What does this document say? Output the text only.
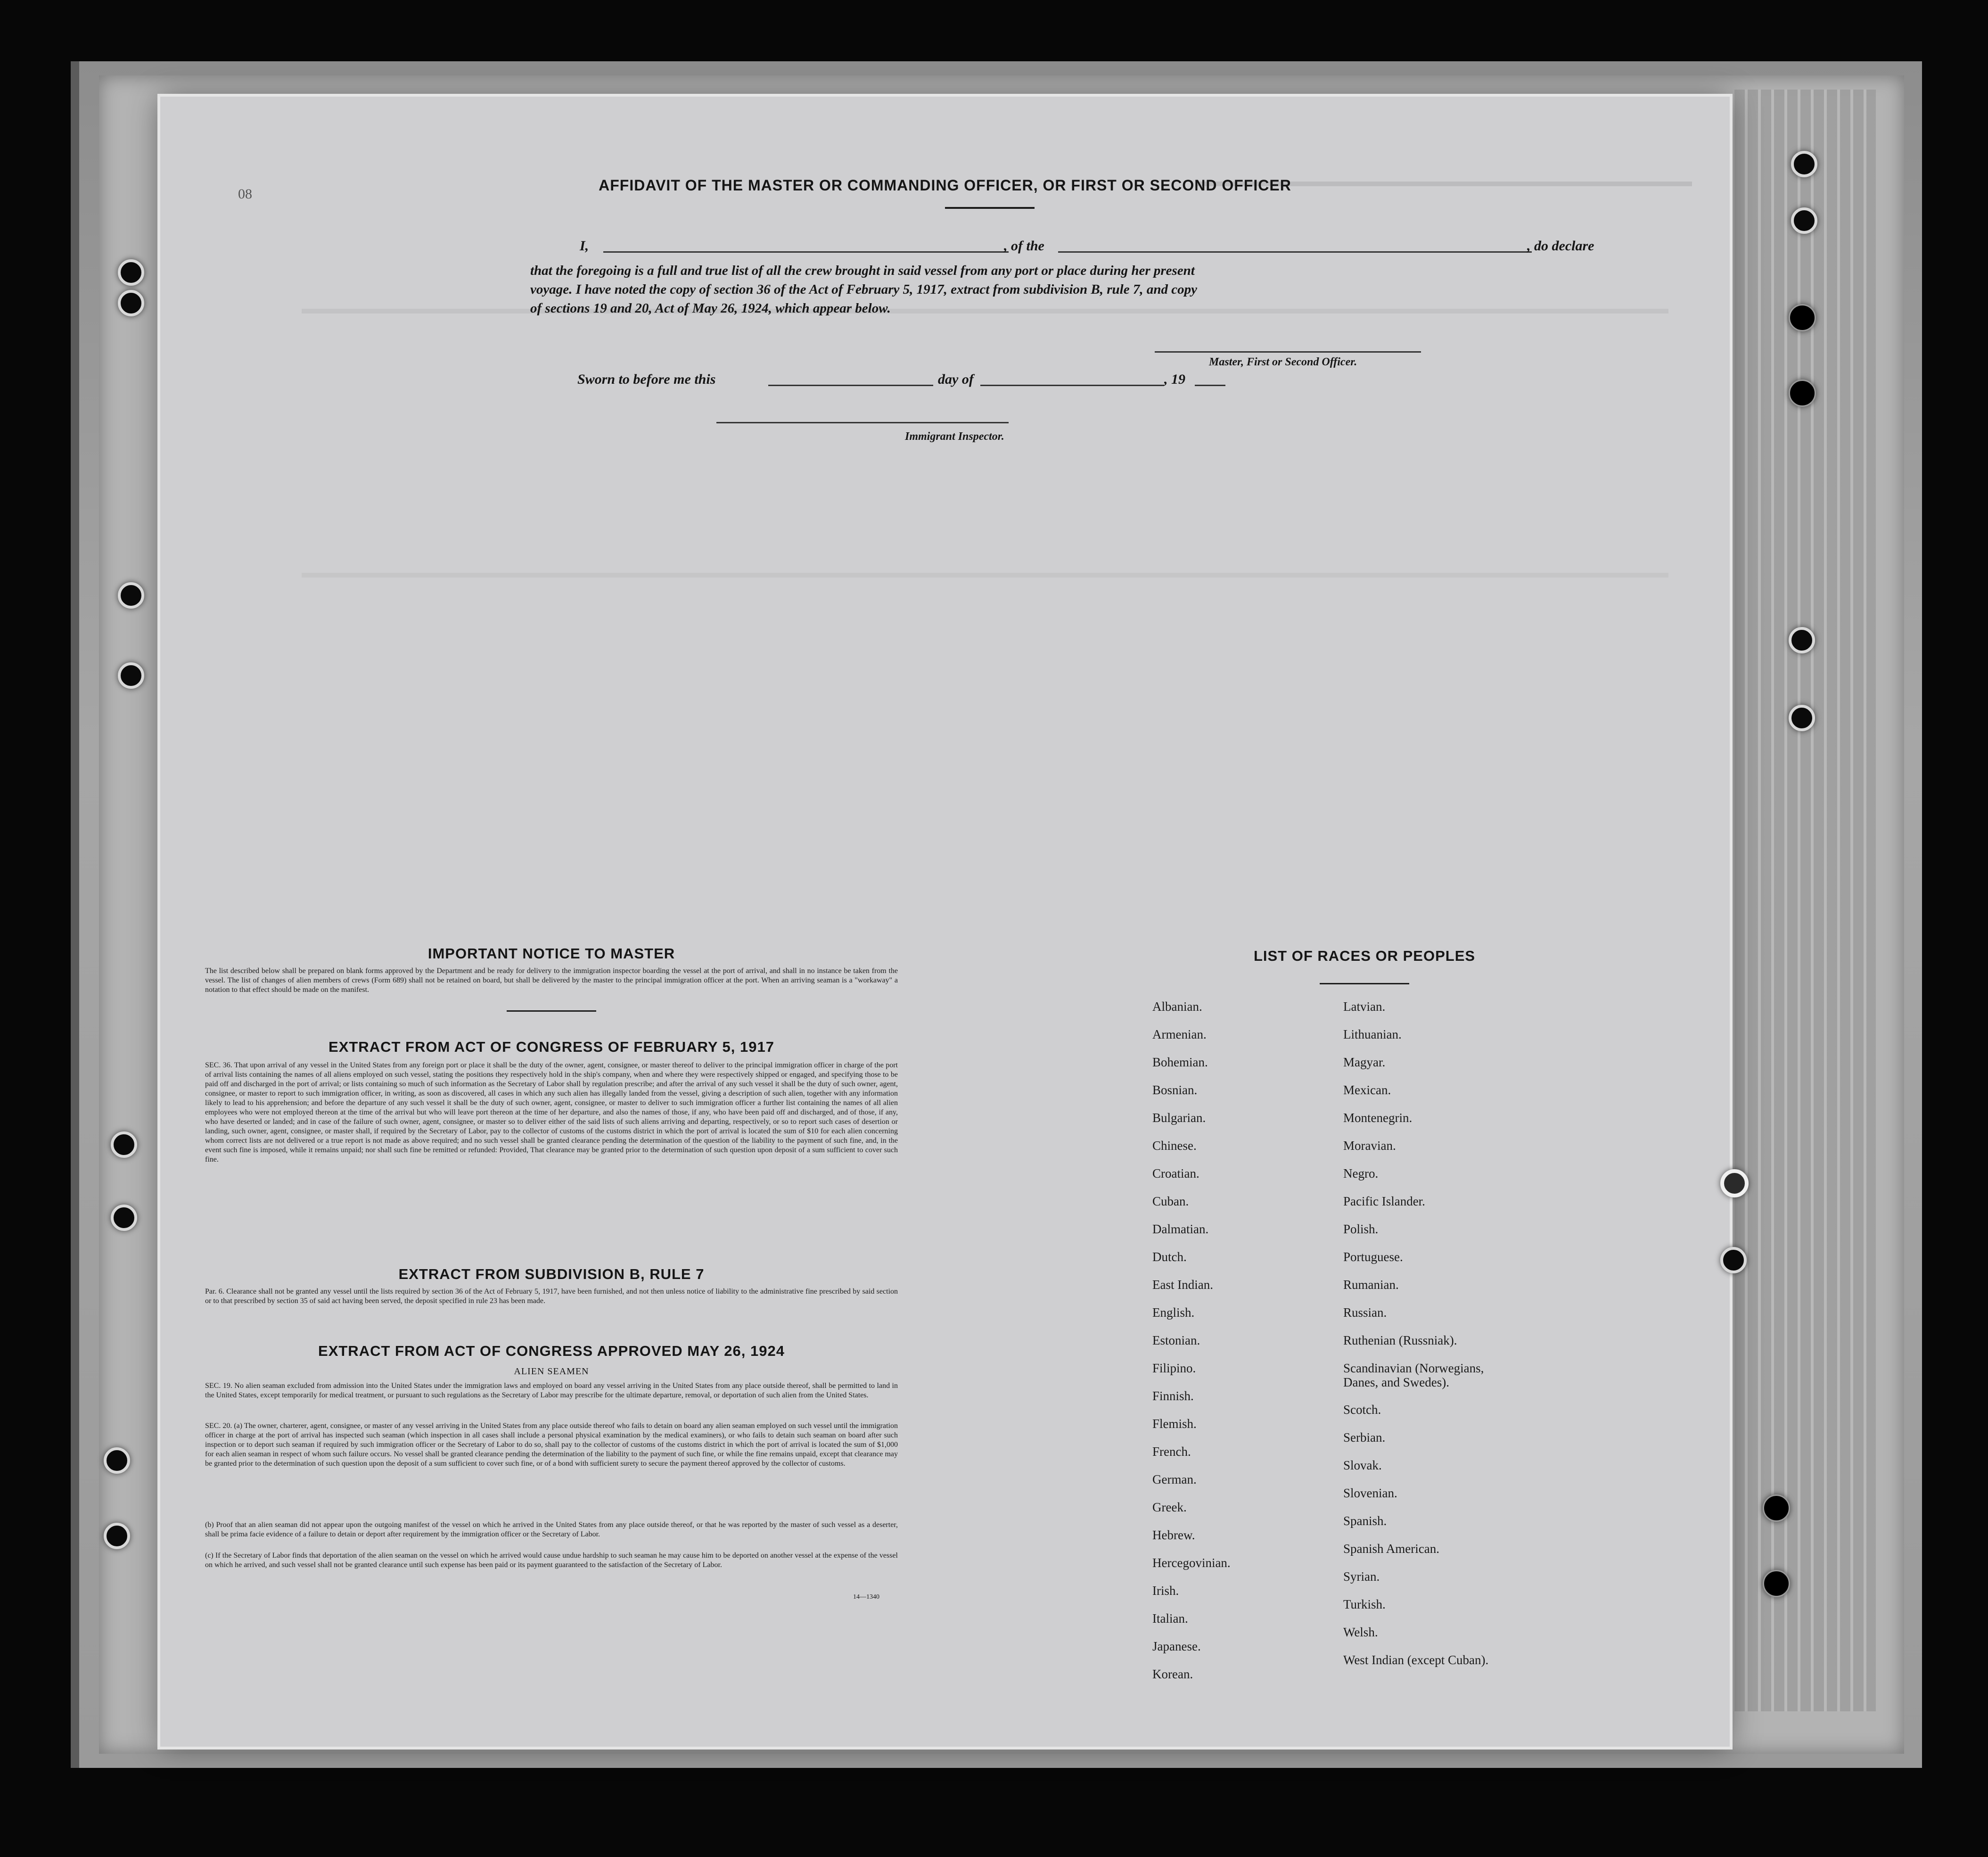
08
AFFIDAVIT OF THE MASTER OR COMMANDING OFFICER, OR FIRST OR SECOND OFFICER
I,	, of the	, do declare
that the foregoing is a full and true list of all the crew brought in said vessel from any port or place during her present
voyage. I have noted the copy of section 36 of the Act of February 5, 1917, extract from subdivision B, rule 7, and copy
of sections 19 and 20, Act of May 26, 1924, which appear below.
Master, First or Second Officer.
Sworn to before me this	day of	, 19
Immigrant Inspector.
IMPORTANT NOTICE TO MASTER
The list described below shall be prepared on blank forms approved by the Department and be ready for delivery to the immigration inspector boarding the vessel at the port of arrival, and shall in no instance be taken from the vessel. The list of changes of alien members of crews (Form 689) shall not be retained on board, but shall be delivered by the master to the principal immigration officer at the port. When an arriving seaman is a "workaway" a notation to that effect should be made on the manifest.
EXTRACT FROM ACT OF CONGRESS OF FEBRUARY 5, 1917
SEC. 36. That upon arrival of any vessel in the United States from any foreign port or place it shall be the duty of the owner, agent, consignee, or master thereof to deliver to the principal immigration officer in charge of the port of arrival lists containing the names of all aliens employed on such vessel, stating the positions they respectively hold in the ship's company, when and where they were respectively shipped or engaged, and specifying those to be paid off and discharged in the port of arrival; or lists containing so much of such information as the Secretary of Labor shall by regulation prescribe; and after the arrival of any such vessel it shall be the duty of such owner, agent, consignee, or master to report to such immigration officer, in writing, as soon as discovered, all cases in which any such alien has illegally landed from the vessel, giving a description of such alien, together with any information likely to lead to his apprehension; and before the departure of any such vessel it shall be the duty of such owner, agent, consignee, or master to deliver to such immigration officer a further list containing the names of all alien employees who were not employed thereon at the time of the arrival but who will leave port thereon at the time of her departure, and also the names of those, if any, who have been paid off and discharged, and of those, if any, who have deserted or landed; and in case of the failure of such owner, agent, consignee, or master so to deliver either of the said lists of such aliens arriving and departing, respectively, or so to report such cases of desertion or landing, such owner, agent, consignee, or master shall, if required by the Secretary of Labor, pay to the collector of customs of the customs district in which the port of arrival is located the sum of $10 for each alien concerning whom correct lists are not delivered or a true report is not made as above required; and no such vessel shall be granted clearance pending the determination of the question of the liability to the payment of such fine, and, in the event such fine is imposed, while it remains unpaid; nor shall such fine be remitted or refunded: Provided, That clearance may be granted prior to the determination of such question upon deposit of a sum sufficient to cover such fine.
EXTRACT FROM SUBDIVISION B, RULE 7
Par. 6. Clearance shall not be granted any vessel until the lists required by section 36 of the Act of February 5, 1917, have been furnished, and not then unless notice of liability to the administrative fine prescribed by said section or to that prescribed by section 35 of said act having been served, the deposit specified in rule 23 has been made.
EXTRACT FROM ACT OF CONGRESS APPROVED MAY 26, 1924
ALIEN SEAMEN
SEC. 19. No alien seaman excluded from admission into the United States under the immigration laws and employed on board any vessel arriving in the United States from any place outside thereof, shall be permitted to land in the United States, except temporarily for medical treatment, or pursuant to such regulations as the Secretary of Labor may prescribe for the ultimate departure, removal, or deportation of such alien from the United States.
SEC. 20. (a) The owner, charterer, agent, consignee, or master of any vessel arriving in the United States from any place outside thereof who fails to detain on board any alien seaman employed on such vessel until the immigration officer in charge at the port of arrival has inspected such seaman (which inspection in all cases shall include a personal physical examination by the medical examiners), or who fails to detain such seaman on board after such inspection or to deport such seaman if required by such immigration officer or the Secretary of Labor to do so, shall pay to the collector of customs of the customs district in which the port of arrival is located the sum of $1,000 for each alien seaman in respect of whom such failure occurs. No vessel shall be granted clearance pending the determination of the liability to the payment of such fine, or while the fine remains unpaid, except that clearance may be granted prior to the determination of such question upon the deposit of a sum sufficient to cover such fine, or of a bond with sufficient surety to secure the payment thereof approved by the collector of customs.
(b) Proof that an alien seaman did not appear upon the outgoing manifest of the vessel on which he arrived in the United States from any place outside thereof, or that he was reported by the master of such vessel as a deserter, shall be prima facie evidence of a failure to detain or deport after requirement by the immigration officer or the Secretary of Labor.
(c) If the Secretary of Labor finds that deportation of the alien seaman on the vessel on which he arrived would cause undue hardship to such seaman he may cause him to be deported on another vessel at the expense of the vessel on which he arrived, and such vessel shall not be granted clearance until such expense has been paid or its payment guaranteed to the satisfaction of the Secretary of Labor.
14—1340
LIST OF RACES OR PEOPLES
Albanian.
Armenian.
Bohemian.
Bosnian.
Bulgarian.
Chinese.
Croatian.
Cuban.
Dalmatian.
Dutch.
East Indian.
English.
Estonian.
Filipino.
Finnish.
Flemish.
French.
German.
Greek.
Hebrew.
Hercegovinian.
Irish.
Italian.
Japanese.
Korean.
Latvian.
Lithuanian.
Magyar.
Mexican.
Montenegrin.
Moravian.
Negro.
Pacific Islander.
Polish.
Portuguese.
Rumanian.
Russian.
Ruthenian (Russniak).
Scandinavian (Norwegians, Danes, and Swedes).
Scotch.
Serbian.
Slovak.
Slovenian.
Spanish.
Spanish American.
Syrian.
Turkish.
Welsh.
West Indian (except Cuban).
